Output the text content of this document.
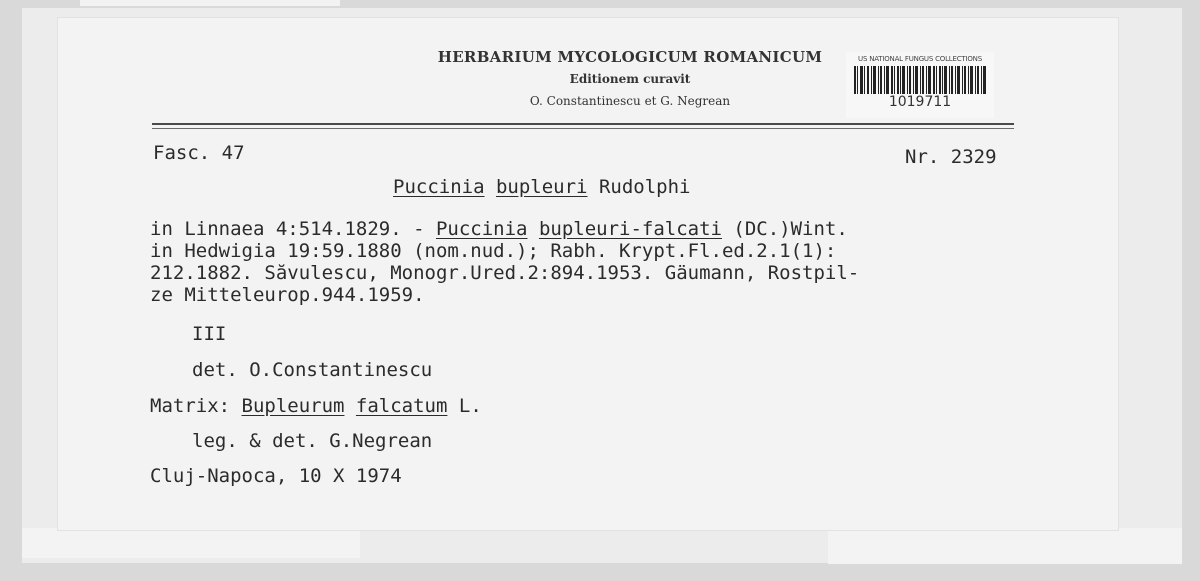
HERBARIUM MYCOLOGICUM ROMANICUM
Editionem curavit
O. Constantinescu et G. Negrean
US NATIONAL FUNGUS COLLECTIONS
1019711
Fasc. 47	Nr. 2329
Puccinia bupleuri Rudolphi
in Linnaea 4:514.1829. - Puccinia bupleuri-falcati (DC.)Wint.
in Hedwigia 19:59.1880 (nom.nud.); Rabh. Krypt.Fl.ed.2.1(1):
212.1882. Săvulescu, Monogr.Ured.2:894.1953. Gäumann, Rostpil-
ze Mitteleurop.944.1959.
III
det. O.Constantinescu
Matrix: Bupleurum falcatum L.
leg. & det. G.Negrean
Cluj-Napoca, 10 X 1974
